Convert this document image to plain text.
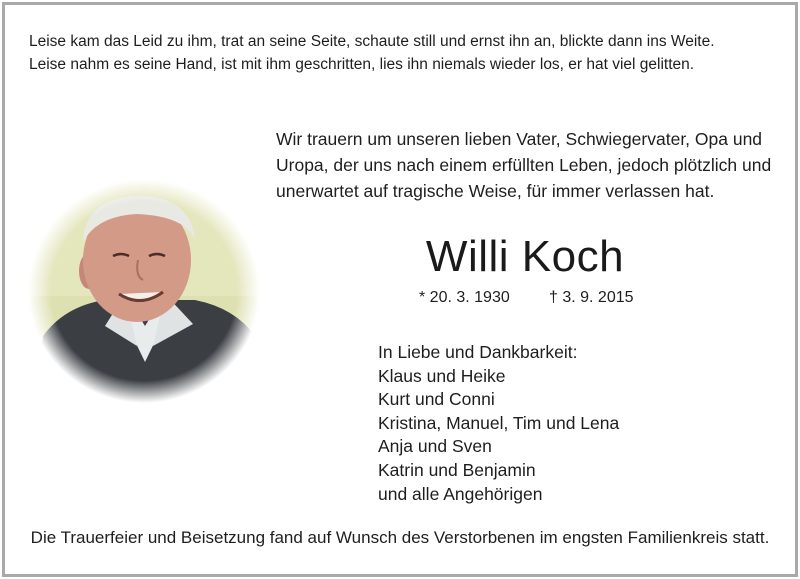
Leise kam das Leid zu ihm, trat an seine Seite, schaute still und ernst ihn an, blickte dann ins Weite.
Leise nahm es seine Hand, ist mit ihm geschritten, lies ihn niemals wieder los, er hat viel gelitten.
Wir trauern um unseren lieben Vater, Schwiegervater, Opa und
Uropa, der uns nach einem erfüllten Leben, jedoch plötzlich und
unerwartet auf tragische Weise, für immer verlassen hat.
Willi Koch
* 20. 3. 1930 † 3. 9. 2015
In Liebe und Dankbarkeit:
Klaus und Heike
Kurt und Conni
Kristina, Manuel, Tim und Lena
Anja und Sven
Katrin und Benjamin
und alle Angehörigen
Die Trauerfeier und Beisetzung fand auf Wunsch des Verstorbenen im engsten Familienkreis statt.
